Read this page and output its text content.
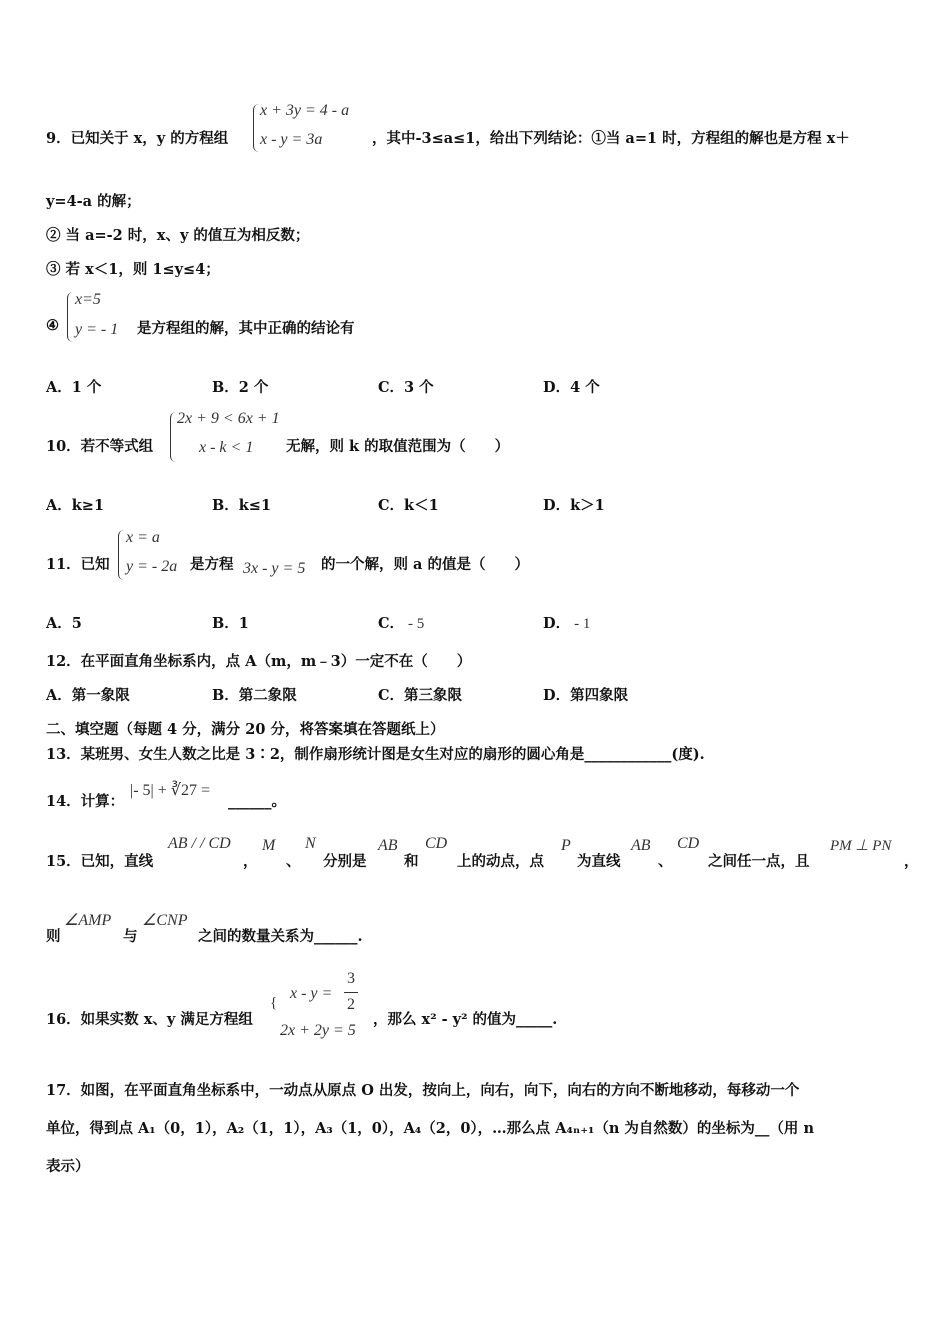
9．已知关于 x，y 的方程组
x + 3y = 4 - a
x - y = 3a	，其中-3≤a≤1，给出下列结论：①当 a=1 时，方程组的解也是方程 x＋
y=4-a 的解；
② 当 a=-2 时，x、y 的值互为相反数；
③ 若 x＜1，则 1≤y≤4；
④
x=5
y = - 1 是方程组的解，其中正确的结论有
A．1 个	B．2 个	C．3 个	D．4 个
10．若不等式组
2x + 9 < 6x + 1
x - k < 1 无解，则 k 的取值范围为（　　）
A．k≥1	B．k≤1	C．k＜1	D．k＞1
11．已知
x = a
y = - 2a 是方程 3x - y = 5 的一个解，则 a 的值是（　　）
A．5	B．1	C． - 5	D． - 1
12．在平面直角坐标系内，点 A（m，m﹣3）一定不在（　　）
A．第一象限	B．第二象限	C．第三象限	D．第四象限
二、填空题（每题 4 分，满分 20 分，将答案填在答题纸上）
13．某班男、女生人数之比是 3∶2，制作扇形统计图是女生对应的扇形的圆心角是____________(度).
14．计算：
|- 5| + ∛27 =
______。
15．已知，直线
AB / / CD
，
M
、
N
分别是
AB
和
CD
上的动点，点
P
为直线
AB
、
CD
之间任一点，且
PM ⊥ PN
，
则
∠AMP
与
∠CNP
之间的数量关系为______.
16．如果实数 x、y 满足方程组
{
x - y =
3
2
2x + 2y = 5
，那么 x² - y² 的值为_____.
17．如图，在平面直角坐标系中，一动点从原点 O 出发，按向上，向右，向下，向右的方向不断地移动，每移动一个
单位，得到点 A₁（0，1），A₂（1，1），A₃（1，0），A₄（2，0），…那么点 A₄ₙ₊₁（n 为自然数）的坐标为__（用 n
表示）
